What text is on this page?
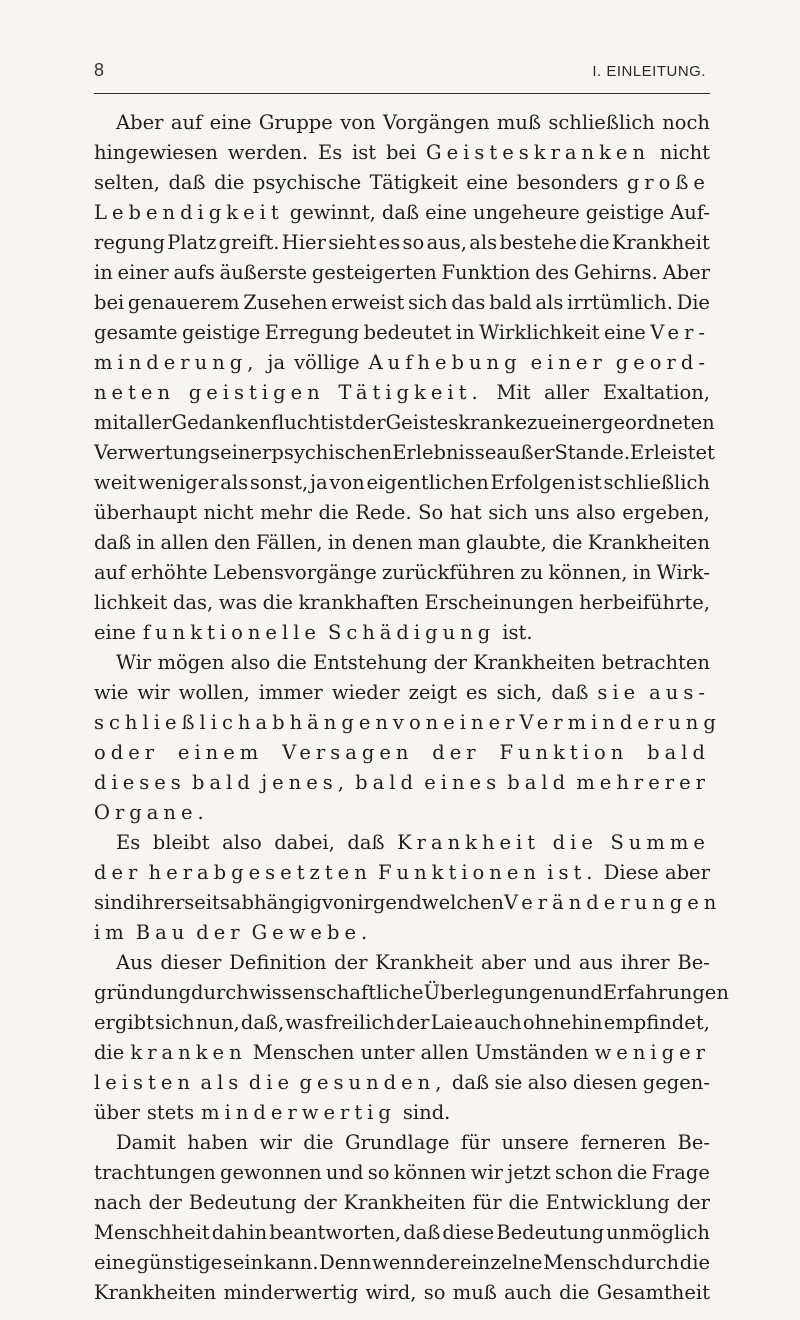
8	I. EINLEITUNG.
Aber auf eine Gruppe von Vorgängen muß schließlich noch
hingewiesen werden. Es ist bei Geisteskranken nicht
selten, daß die psychische Tätigkeit eine besonders große
Lebendigkeit gewinnt, daß eine ungeheure geistige Auf-
regung Platz greift. Hier sieht es so aus, als bestehe die Krankheit
in einer aufs äußerste gesteigerten Funktion des Gehirns. Aber
bei genauerem Zusehen erweist sich das bald als irrtümlich. Die
gesamte geistige Erregung bedeutet in Wirklichkeit eine Ver-
minderung, ja völlige Aufhebung einer geord-
neten geistigen Tätigkeit. Mit aller Exaltation,
mit aller Gedankenflucht ist der Geisteskranke zu einer geordneten
Verwertung seiner psychischen Erlebnisse außer Stande. Er leistet
weit weniger als sonst, ja von eigentlichen Erfolgen ist schließlich
überhaupt nicht mehr die Rede. So hat sich uns also ergeben,
daß in allen den Fällen, in denen man glaubte, die Krankheiten
auf erhöhte Lebensvorgänge zurückführen zu können, in Wirk-
lichkeit das, was die krankhaften Erscheinungen herbeiführte,
eine funktionelle Schädigung ist.
Wir mögen also die Entstehung der Krankheiten betrachten
wie wir wollen, immer wieder zeigt es sich, daß sie aus-
schließlich abhängen von einer Verminderung
oder einem Versagen der Funktion bald
dieses bald jenes, bald eines bald mehrerer
Organe.
Es bleibt also dabei, daß Krankheit die Summe
der herabgesetzten Funktionen ist. Diese aber
sind ihrerseits abhängig von irgendwelchen Veränderungen
im Bau der Gewebe.
Aus dieser Definition der Krankheit aber und aus ihrer Be-
gründung durch wissenschaftliche Überlegungen und Erfahrungen
ergibt sich nun, daß, was freilich der Laie auch ohnehin empfindet,
die kranken Menschen unter allen Umständen weniger
leisten als die gesunden, daß sie also diesen gegen-
über stets minderwertig sind.
Damit haben wir die Grundlage für unsere ferneren Be-
trachtungen gewonnen und so können wir jetzt schon die Frage
nach der Bedeutung der Krankheiten für die Entwicklung der
Menschheit dahin beantworten, daß diese Bedeutung unmöglich
eine günstige sein kann. Denn wenn der einzelne Mensch durch die
Krankheiten minderwertig wird, so muß auch die Gesamtheit
